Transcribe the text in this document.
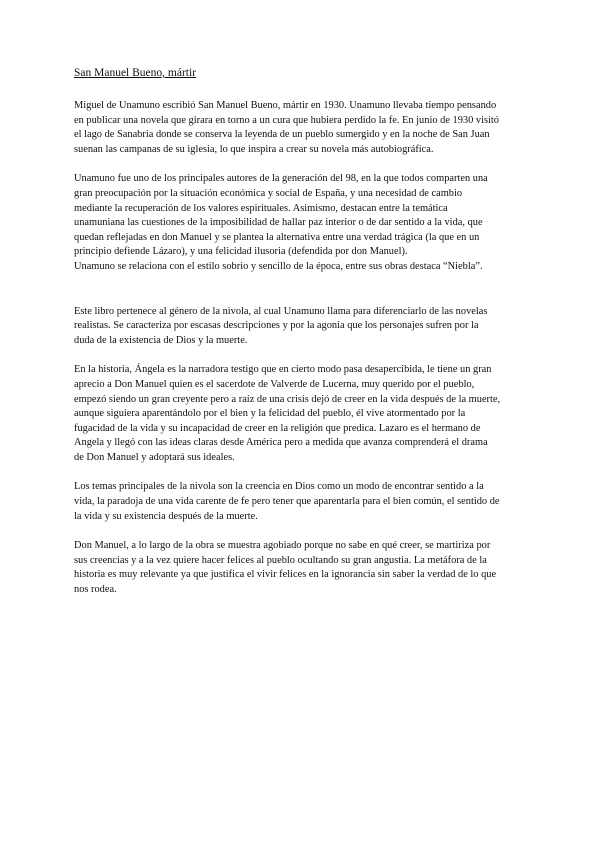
San Manuel Bueno, mártir

Miguel de Unamuno escribió San Manuel Bueno, mártir en 1930. Unamuno llevaba tiempo pensando
en publicar una novela que girara en torno a un cura que hubiera perdido la fe. En junio de 1930 visitó
el lago de Sanabria donde se conserva la leyenda de un pueblo sumergido y en la noche de San Juan
suenan las campanas de su iglesia, lo que inspira a crear su novela más autobiográfica.

Unamuno fue uno de los principales autores de la generación del 98, en la que todos comparten una
gran preocupación por la situación económica y social de España, y una necesidad de cambio
mediante la recuperación de los valores espirituales. Asimismo, destacan entre la temática
unamuniana las cuestiones de la imposibilidad de hallar paz interior o de dar sentido a la vida, que
quedan reflejadas en don Manuel y se plantea la alternativa entre una verdad trágica (la que en un
principio defiende Lázaro), y una felicidad ilusoria (defendida por don Manuel).
Unamuno se relaciona con el estilo sobrio y sencillo de la época, entre sus obras destaca “Niebla”.

Este libro pertenece al género de la nivola, al cual Unamuno llama para diferenciarlo de las novelas
realistas. Se caracteriza por escasas descripciones y por la agonía que los personajes sufren por la
duda de la existencia de Dios y la muerte.

En la historia, Ángela es la narradora testigo que en cierto modo pasa desapercibida, le tiene un gran
aprecio a Don Manuel quien es el sacerdote de Valverde de Lucerna, muy querido por el pueblo,
empezó siendo un gran creyente pero a raíz de una crisis dejó de creer en la vida después de la muerte,
aunque siguiera aparentándolo por el bien y la felicidad del pueblo, él vive atormentado por la
fugacidad de la vida y su incapacidad de creer en la religión que predica. Lazaro es el hermano de
Angela y llegó con las ideas claras desde América pero a medida que avanza comprenderá el drama
de Don Manuel y adoptará sus ideales.

Los temas principales de la nivola son la creencia en Dios como un modo de encontrar sentido a la
vida, la paradoja de una vida carente de fe pero tener que aparentarla para el bien común, el sentido de
la vida y su existencia después de la muerte.

Don Manuel, a lo largo de la obra se muestra agobiado porque no sabe en qué creer, se martiriza por
sus creencias y a la vez quiere hacer felices al pueblo ocultando su gran angustia. La metáfora de la
historia es muy relevante ya que justifica el vivir felices en la ignorancia sin saber la verdad de lo que
nos rodea.
